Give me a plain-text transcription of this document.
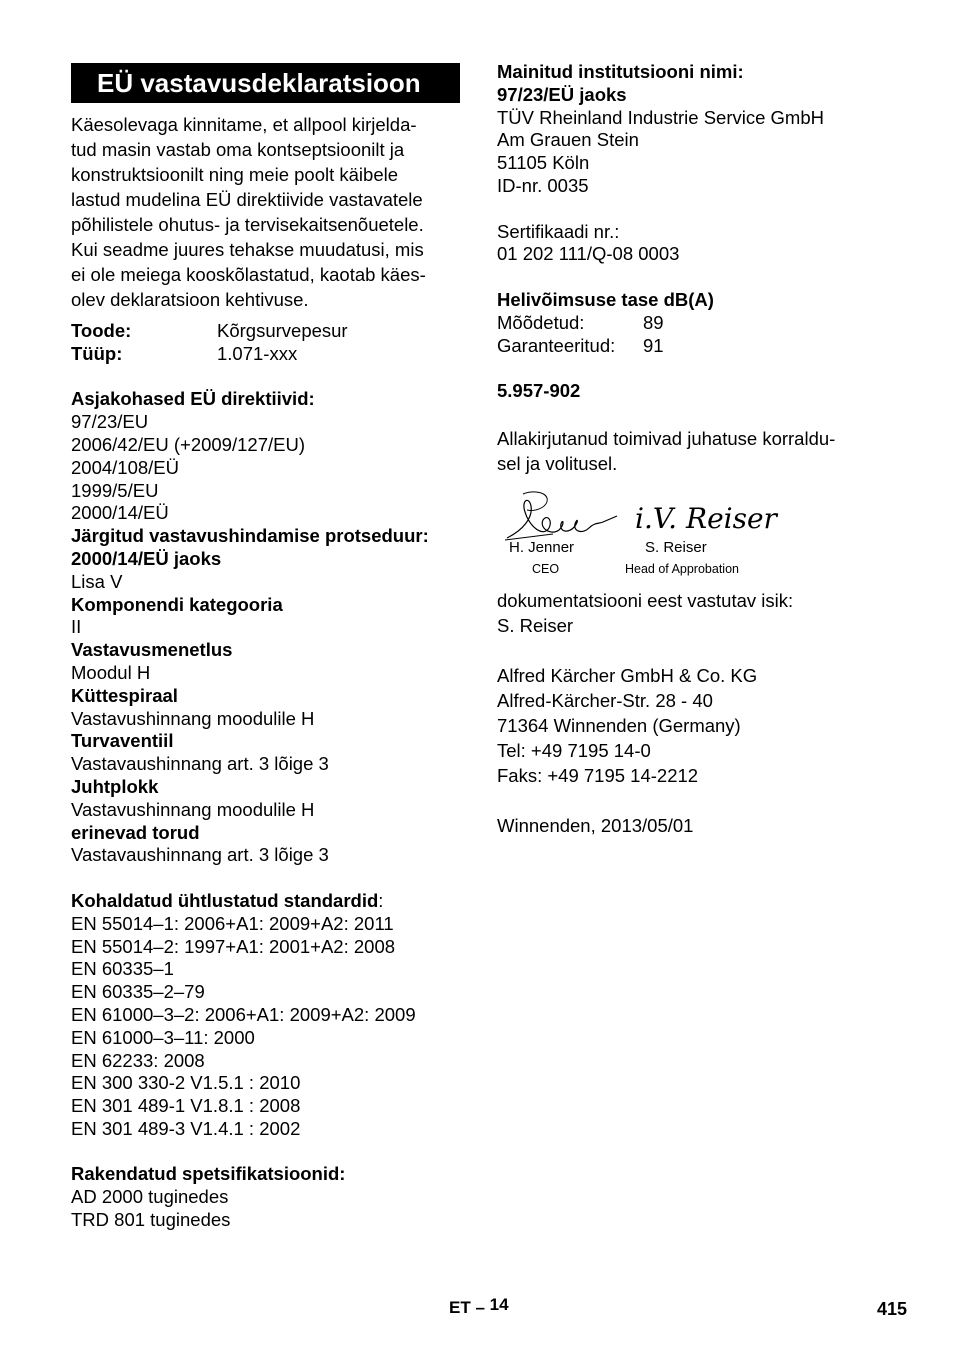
EÜ vastavusdeklaratsioon

Käesolevaga kinnitame, et allpool kirjelda-

tud masin vastab oma kontseptsioonilt ja

konstruktsioonilt ning meie poolt käibele

lastud mudelina EÜ direktiivide vastavatele

põhilistele ohutus- ja tervisekaitsenõuetele.

Kui seadme juures tehakse muudatusi, mis

ei ole meiega kooskõlastatud, kaotab käes-

olev deklaratsioon kehtivuse.

Toode:	Kõrgsurvepesur
Tüüp:	1.071-xxx

Asjakohased EÜ direktiivid:

97/23/EU

2006/42/EU (+2009/127/EU)

2004/108/EÜ

1999/5/EU

2000/14/EÜ

Järgitud vastavushindamise protseduur:

2000/14/EÜ jaoks

Lisa V

Komponendi kategooria

II

Vastavusmenetlus

Moodul H

Küttespiraal

Vastavushinnang moodulile H

Turvaventiil

Vastavaushinnang art. 3 lõige 3

Juhtplokk

Vastavushinnang moodulile H

erinevad torud

Vastavaushinnang art. 3 lõige 3

Kohaldatud ühtlustatud standardid:

EN 55014–1: 2006+A1: 2009+A2: 2011

EN 55014–2: 1997+A1: 2001+A2: 2008

EN 60335–1

EN 60335–2–79

EN 61000–3–2: 2006+A1: 2009+A2: 2009

EN 61000–3–11: 2000

EN 62233: 2008

EN 300 330-2 V1.5.1 : 2010

EN 301 489-1 V1.8.1 : 2008

EN 301 489-3 V1.4.1 : 2002

Rakendatud spetsifikatsioonid:

AD 2000 tuginedes

TRD 801 tuginedes

Mainitud institutsiooni nimi:

97/23/EÜ jaoks

TÜV Rheinland Industrie Service GmbH

Am Grauen Stein

51105 Köln

ID-nr. 0035

Sertifikaadi nr.:

01 202 111/Q-08 0003

Helivõimsuse tase dB(A)

Mõõdetud:	89
Garanteeritud:	91

5.957-902

Allakirjutanud toimivad juhatuse korraldu-

sel ja volitusel.

i.V. Reiser
H. Jenner
CEO
S. Reiser
Head of Approbation

dokumentatsiooni eest vastutav isik:

S. Reiser

Alfred Kärcher GmbH & Co. KG

Alfred-Kärcher-Str. 28 - 40

71364 Winnenden (Germany)

Tel: +49 7195 14-0

Faks: +49 7195 14-2212

Winnenden, 2013/05/01

ET – 14	415
